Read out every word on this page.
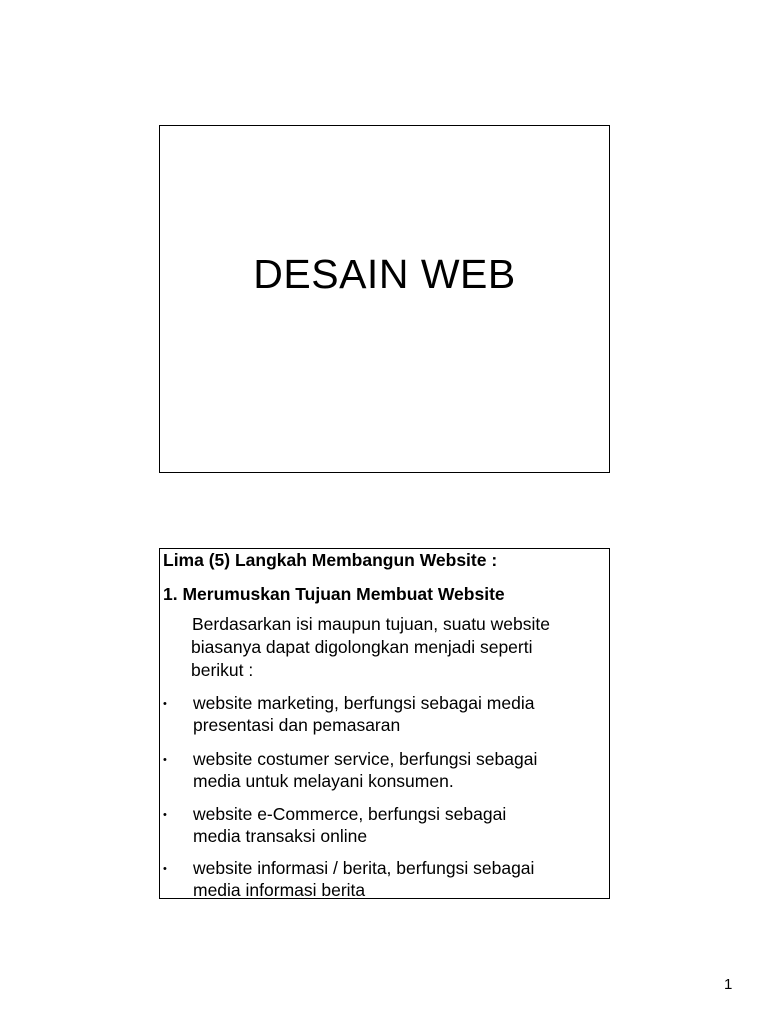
DESAIN WEB
Lima (5) Langkah Membangun Website :
1. Merumuskan Tujuan Membuat Website
Berdasarkan isi maupun tujuan, suatu website
biasanya dapat digolongkan menjadi seperti
berikut :
• website marketing, berfungsi sebagai media
presentasi dan pemasaran
• website costumer service, berfungsi sebagai
media untuk melayani konsumen.
• website e-Commerce, berfungsi sebagai
media transaksi online
• website informasi / berita, berfungsi sebagai
media informasi berita
1
